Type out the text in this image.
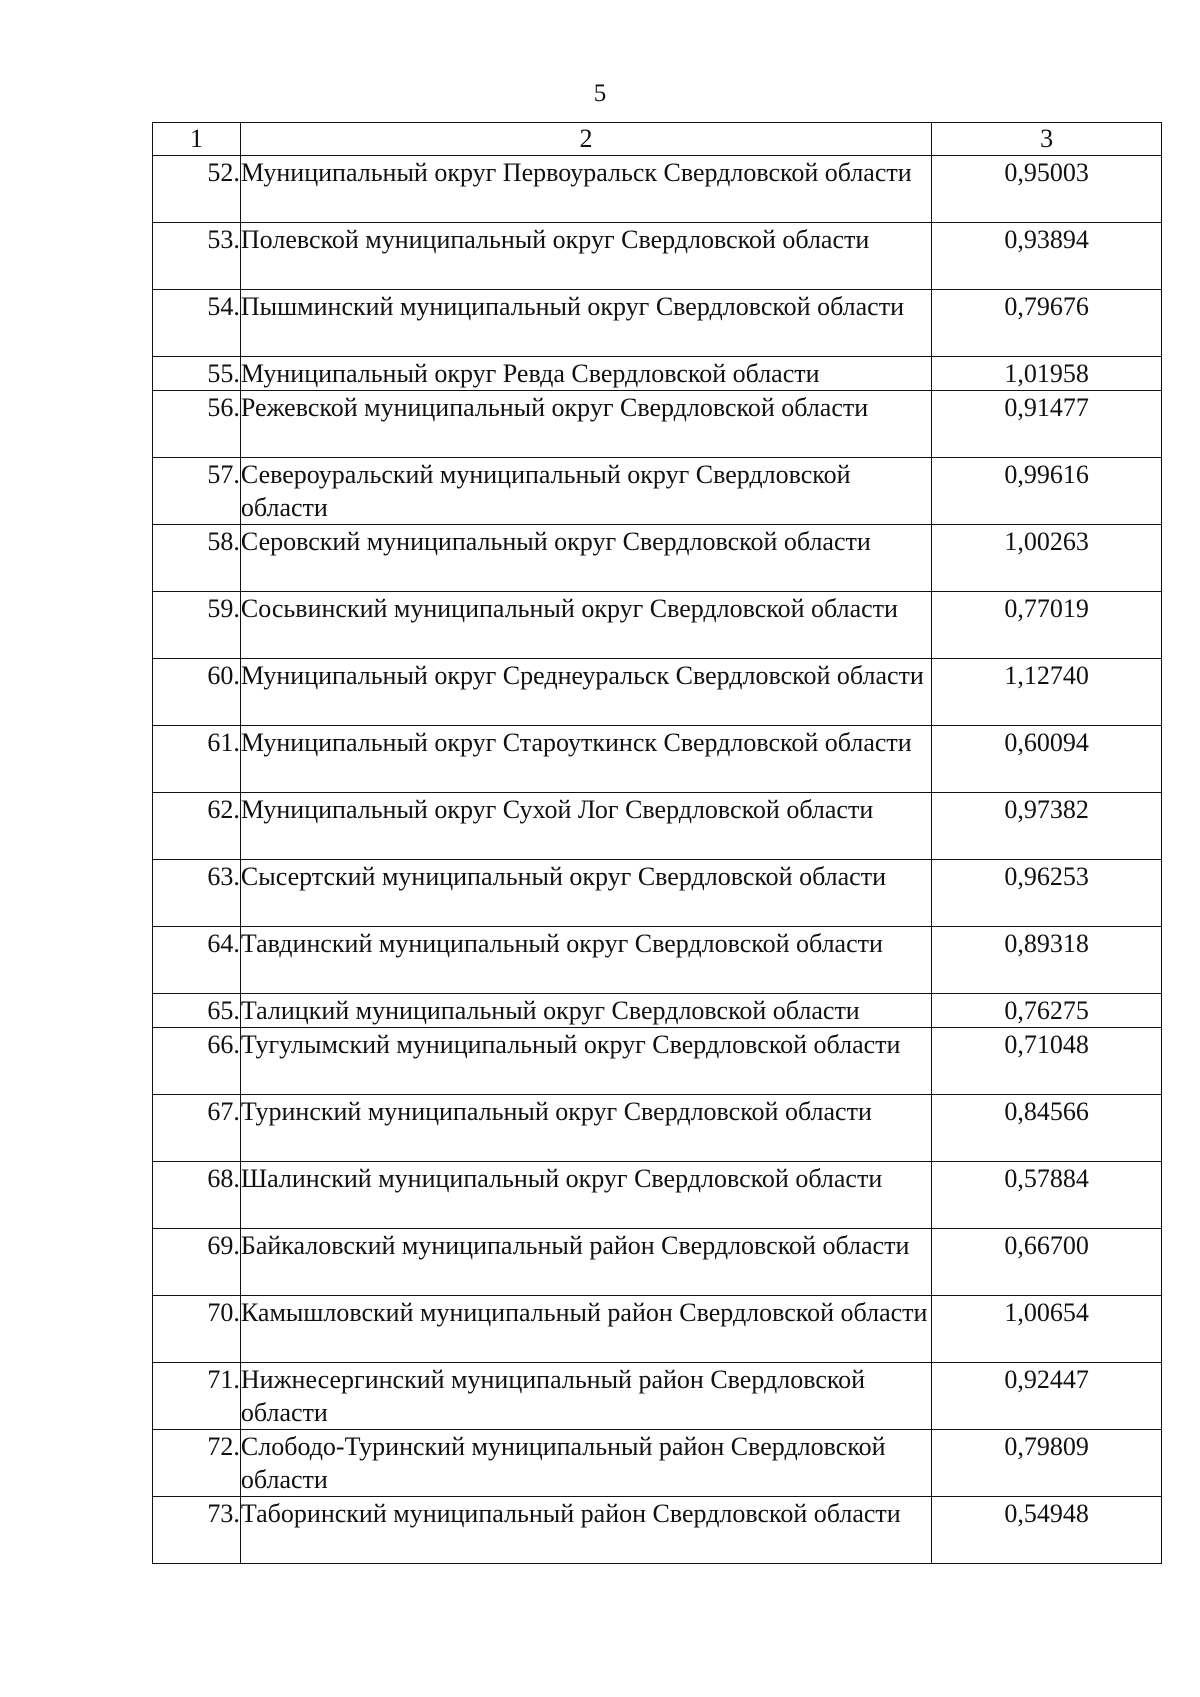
5
1	2	3
52.	Муниципальный округ Первоуральск Свердловской области	0,95003
53.	Полевской муниципальный округ Свердловской области	0,93894
54.	Пышминский муниципальный округ Свердловской области	0,79676
55.	Муниципальный округ Ревда Свердловской области	1,01958
56.	Режевской муниципальный округ Свердловской области	0,91477
57.	Североуральский муниципальный округ Свердловской области	0,99616
58.	Серовский муниципальный округ Свердловской области	1,00263
59.	Сосьвинский муниципальный округ Свердловской области	0,77019
60.	Муниципальный округ Среднеуральск Свердловской области	1,12740
61.	Муниципальный округ Староуткинск Свердловской области	0,60094
62.	Муниципальный округ Сухой Лог Свердловской области	0,97382
63.	Сысертский муниципальный округ Свердловской области	0,96253
64.	Тавдинский муниципальный округ Свердловской области	0,89318
65.	Талицкий муниципальный округ Свердловской области	0,76275
66.	Тугулымский муниципальный округ Свердловской области	0,71048
67.	Туринский муниципальный округ Свердловской области	0,84566
68.	Шалинский муниципальный округ Свердловской области	0,57884
69.	Байкаловский муниципальный район Свердловской области	0,66700
70.	Камышловский муниципальный район Свердловской области	1,00654
71.	Нижнесергинский муниципальный район Свердловской области	0,92447
72.	Слободо-Туринский муниципальный район Свердловской области	0,79809
73.	Таборинский муниципальный район Свердловской области	0,54948
